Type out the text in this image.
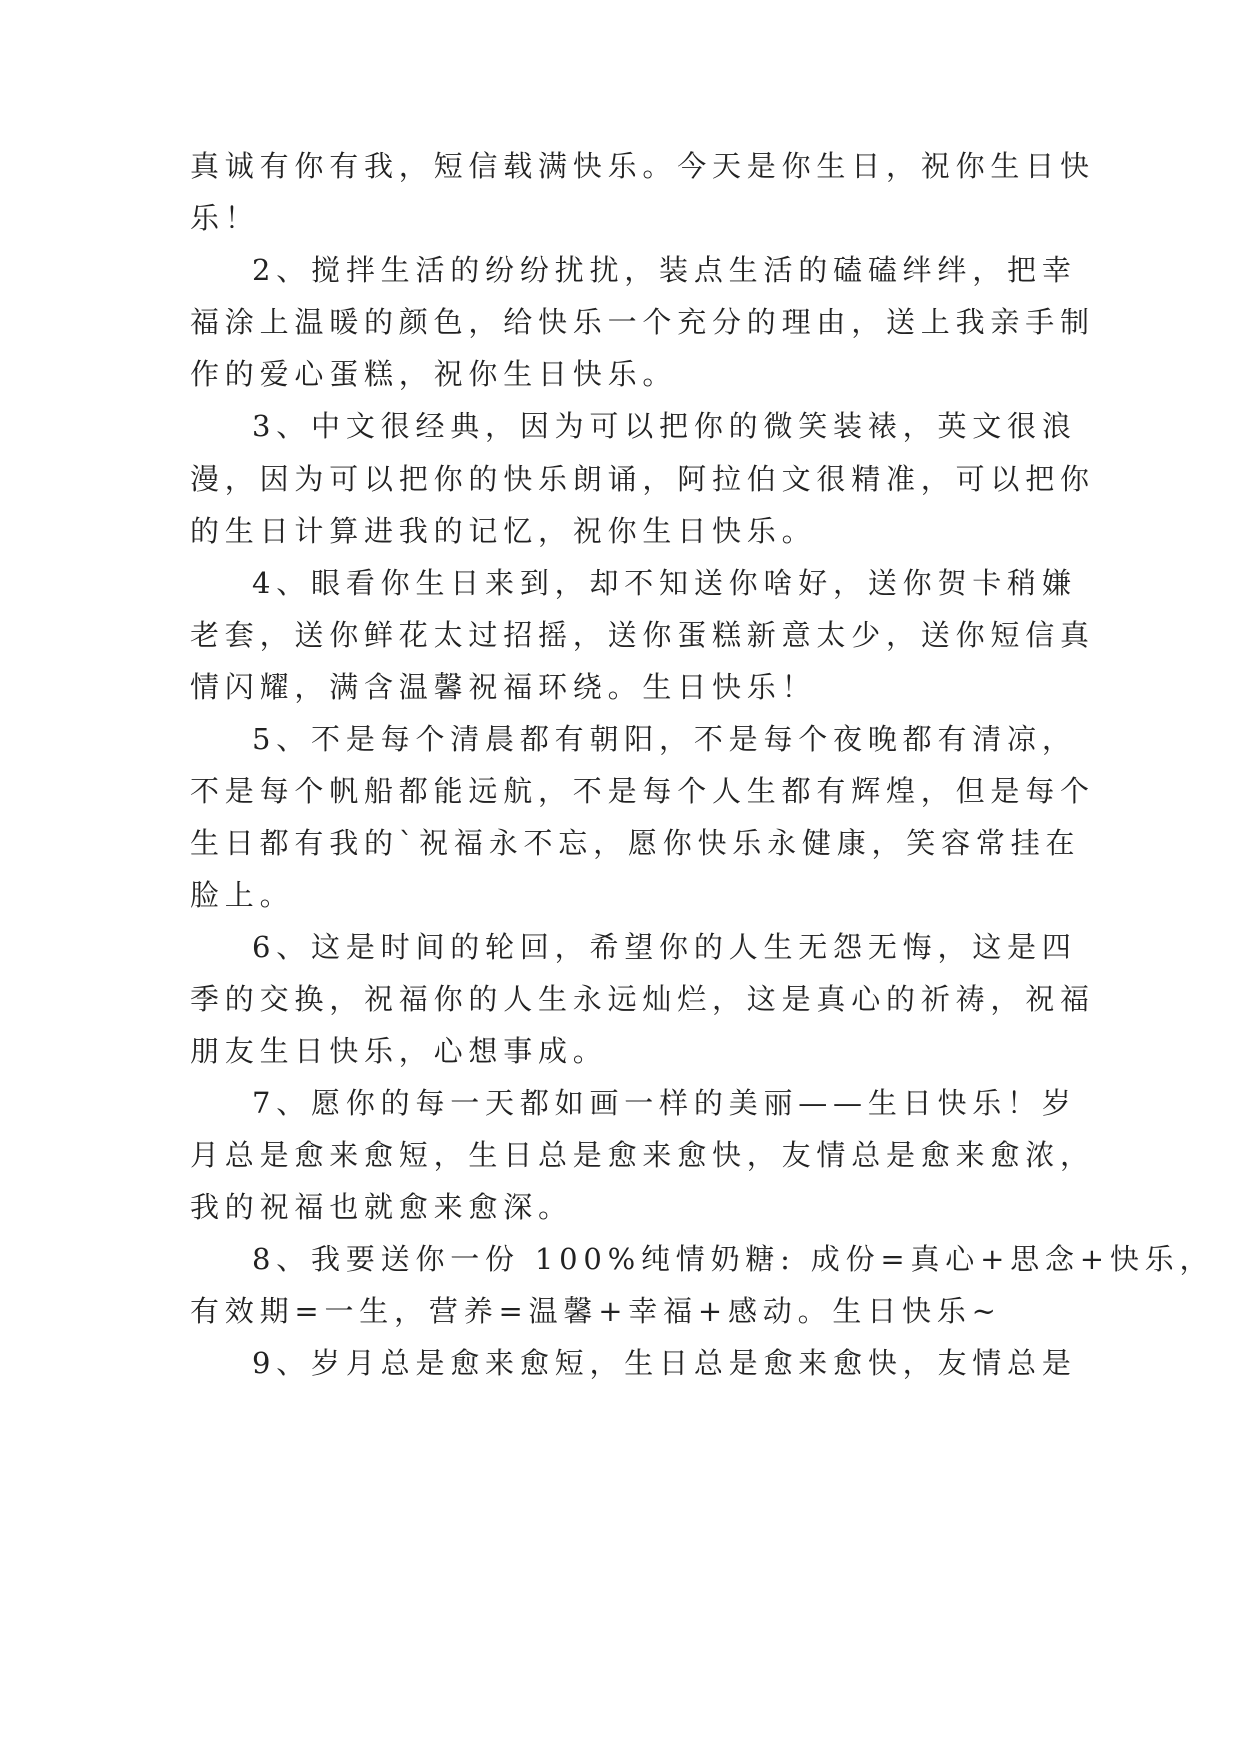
真诚有你有我，短信载满快乐。今天是你生日，祝你生日快
乐！
2、搅拌生活的纷纷扰扰，装点生活的磕磕绊绊，把幸
福涂上温暖的颜色，给快乐一个充分的理由，送上我亲手制
作的爱心蛋糕，祝你生日快乐。
3、中文很经典，因为可以把你的微笑装裱，英文很浪
漫，因为可以把你的快乐朗诵，阿拉伯文很精准，可以把你
的生日计算进我的记忆，祝你生日快乐。
4、眼看你生日来到，却不知送你啥好，送你贺卡稍嫌
老套，送你鲜花太过招摇，送你蛋糕新意太少，送你短信真
情闪耀，满含温馨祝福环绕。生日快乐！
5、不是每个清晨都有朝阳，不是每个夜晚都有清凉，
不是每个帆船都能远航，不是每个人生都有辉煌，但是每个
生日都有我的`祝福永不忘，愿你快乐永健康，笑容常挂在
脸上。
6、这是时间的轮回，希望你的人生无怨无悔，这是四
季的交换，祝福你的人生永远灿烂，这是真心的祈祷，祝福
朋友生日快乐，心想事成。
7、愿你的每一天都如画一样的美丽——生日快乐！岁
月总是愈来愈短，生日总是愈来愈快，友情总是愈来愈浓，
我的祝福也就愈来愈深。
8、我要送你一份 100%纯情奶糖: 成份=真心+思念+快乐，
有效期=一生，营养=温馨+幸福+感动。生日快乐~
9、岁月总是愈来愈短，生日总是愈来愈快，友情总是
